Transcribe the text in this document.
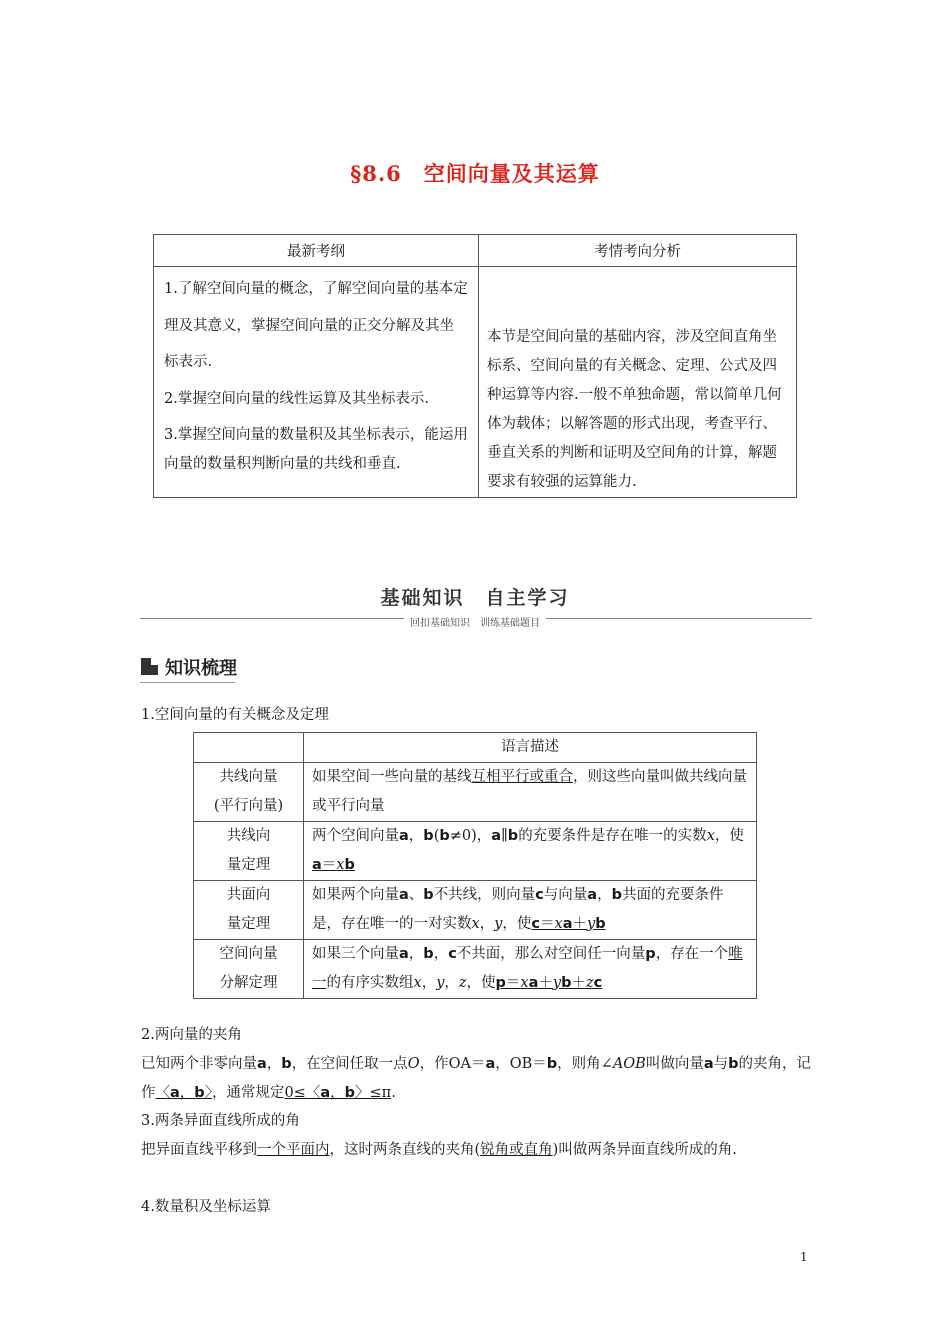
§8.6　空间向量及其运算
最新考纲	考情考向分析

1.了解空间向量的概念，了解空间向量的基本定理及其意义，掌握空间向量的正交分解及其坐标表示.

2.掌握空间向量的线性运算及其坐标表示.

3.掌握空间向量的数量积及其坐标表示，能运用向量的数量积判断向量的共线和垂直.	本节是空间向量的基础内容，涉及空间直角坐标系、空间向量的有关概念、定理、公式及四种运算等内容.一般不单独命题，常以简单几何体为载体；以解答题的形式出现，考查平行、垂直关系的判断和证明及空间角的计算，解题要求有较强的运算能力.
基础知识　自主学习
回扣基础知识　训练基础题目
知识梳理
1.空间向量的有关概念及定理
	语言描述
共线向量
(平行向量)	如果空间一些向量的基线互相平行或重合，则这些向量叫做共线向量或平行向量
共线向
量定理	两个空间向量a，b(b≠0)，a∥b的充要条件是存在唯一的实数x，使a＝xb
共面向
量定理	如果两个向量a、b不共线，则向量c与向量a，b共面的充要条件是，存在唯一的一对实数x，y，使c＝xa＋yb
空间向量
分解定理	如果三个向量a，b，c不共面，那么对空间任一向量p，存在一个唯一的有序实数组x，y，z，使p＝xa＋yb＋zc
2.两向量的夹角
已知两个非零向量a，b，在空间任取一点O，作OA＝a，OB＝b，则角∠AOB叫做向量a与b的夹角，记作〈a，b〉，通常规定0≤〈a，b〉≤π.
3.两条异面直线所成的角
把异面直线平移到一个平面内，这时两条直线的夹角(锐角或直角)叫做两条异面直线所成的角.
4.数量积及坐标运算
1
